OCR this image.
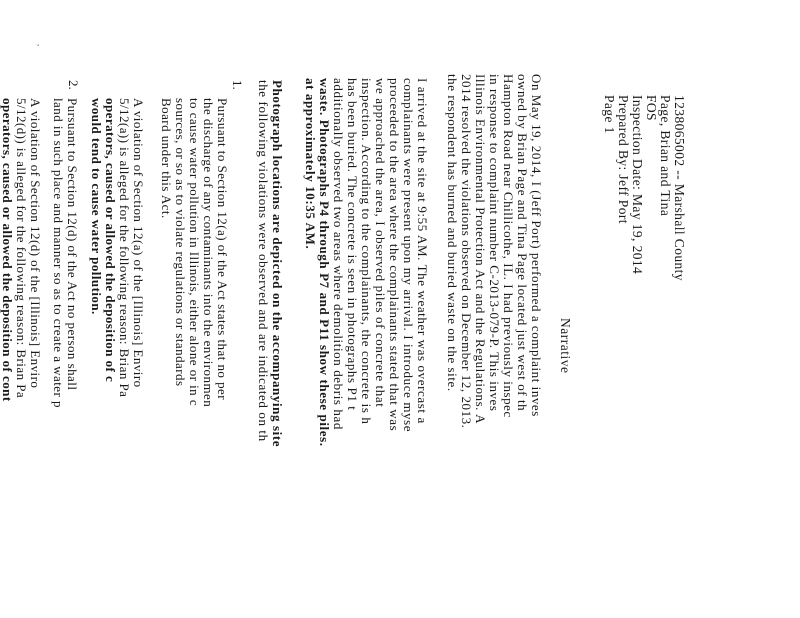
,
1238065002 -- Marshall County
Page, Brian and Tina
FOS
Inspection Date: May 19, 2014
Prepared By: Jeff Port
Page 1
Narrative
On May 19, 2014, I (Jeff Port) performed a complaint inves
owned by Brian Page and Tina Page located just west of th
Hampton Road near Chillicothe, IL. I had previously inspec
in response to complaint number C-2013-079-P. This inves
Illinois Environmental Protection Act and the Regulations. A
2014 resolved the violations observed on December 12, 2013.
the respondent has burned and buried waste on the site.
I arrived at the site at 9:55 AM. The weather was overcast a
complainants were present upon my arrival. I introduce myse
proceeded to the area where the complainants stated that was
we approached the area, I observed piles of concrete that
inspection. According to the complainants, the concrete is h
has been buried. The concrete is seen in photographs P1 t
additionally observed two areas where demolition debris had
waste. Photographs P4 through P7 and P11 show these piles.
at approximately 10:35 AM.
Photograph locations are depicted on the accompanying site
the following violations were observed and are indicated on th
1.
Pursuant to Section 12(a) of the Act states that no per
the discharge of any contaminants into the environmen
to cause water pollution in Illinois, either alone or in c
sources, or so as to violate regulations or standards
Board under this Act.
A violation of Section 12(a) of the [Illinois] Enviro
5/12(a)) is alleged for the following reason: Brian Pa
operators, caused or allowed the deposition of c
would tend to cause water pollution.
2.
Pursuant to Section 12(d) of the Act no person shall
land in such place and manner so as to create a water p
A violation of Section 12(d) of the [Illinois] Enviro
5/12(d)) is alleged for the following reason: Brian Pa
operators, caused or allowed the deposition of cont
